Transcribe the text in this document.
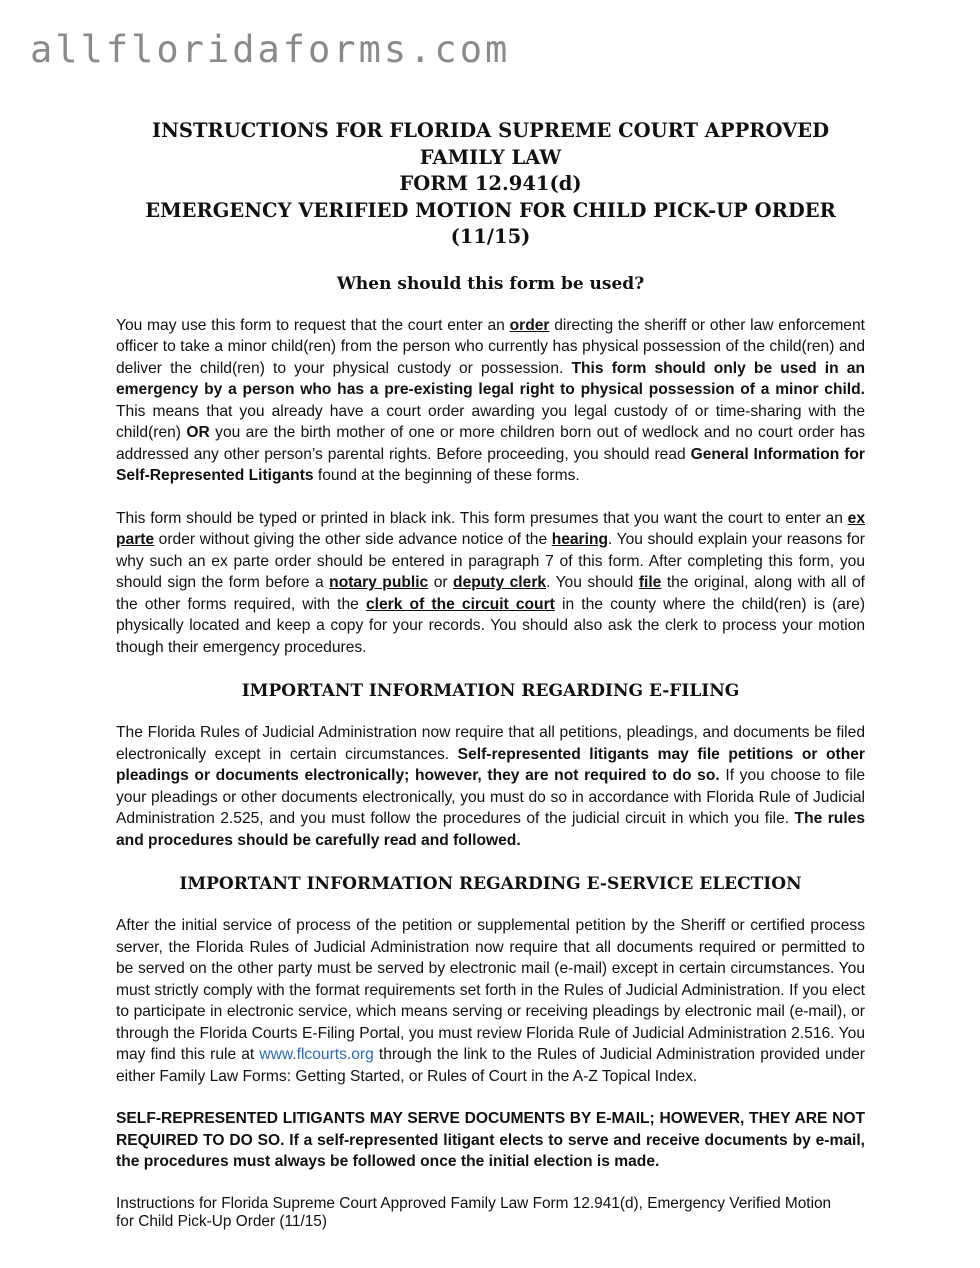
allfloridaforms.com
INSTRUCTIONS FOR FLORIDA SUPREME COURT APPROVED FAMILY LAW
FORM 12.941(d)
EMERGENCY VERIFIED MOTION FOR CHILD PICK-UP ORDER (11/15)
When should this form be used?

You may use this form to request that the court enter an order directing the sheriff or other law enforcement officer to take a minor child(ren) from the person who currently has physical possession of the child(ren) and deliver the child(ren) to your physical custody or possession. This form should only be used in an emergency by a person who has a pre-existing legal right to physical possession of a minor child. This means that you already have a court order awarding you legal custody of or time-sharing with the child(ren) OR you are the birth mother of one or more children born out of wedlock and no court order has addressed any other person’s parental rights. Before proceeding, you should read General Information for Self-Represented Litigants found at the beginning of these forms.

This form should be typed or printed in black ink. This form presumes that you want the court to enter an ex parte order without giving the other side advance notice of the hearing. You should explain your reasons for why such an ex parte order should be entered in paragraph 7 of this form. After completing this form, you should sign the form before a notary public or deputy clerk. You should file the original, along with all of the other forms required, with the clerk of the circuit court in the county where the child(ren) is (are) physically located and keep a copy for your records. You should also ask the clerk to process your motion though their emergency procedures.

IMPORTANT INFORMATION REGARDING E-FILING

The Florida Rules of Judicial Administration now require that all petitions, pleadings, and documents be filed electronically except in certain circumstances. Self-represented litigants may file petitions or other pleadings or documents electronically; however, they are not required to do so. If you choose to file your pleadings or other documents electronically, you must do so in accordance with Florida Rule of Judicial Administration 2.525, and you must follow the procedures of the judicial circuit in which you file. The rules and procedures should be carefully read and followed.

IMPORTANT INFORMATION REGARDING E-SERVICE ELECTION

After the initial service of process of the petition or supplemental petition by the Sheriff or certified process server, the Florida Rules of Judicial Administration now require that all documents required or permitted to be served on the other party must be served by electronic mail (e-mail) except in certain circumstances. You must strictly comply with the format requirements set forth in the Rules of Judicial Administration. If you elect to participate in electronic service, which means serving or receiving pleadings by electronic mail (e-mail), or through the Florida Courts E-Filing Portal, you must review Florida Rule of Judicial Administration 2.516. You may find this rule at www.flcourts.org through the link to the Rules of Judicial Administration provided under either Family Law Forms: Getting Started, or Rules of Court in the A-Z Topical Index.

SELF-REPRESENTED LITIGANTS MAY SERVE DOCUMENTS BY E-MAIL; HOWEVER, THEY ARE NOT REQUIRED TO DO SO. If a self-represented litigant elects to serve and receive documents by e-mail, the procedures must always be followed once the initial election is made.

Instructions for Florida Supreme Court Approved Family Law Form 12.941(d), Emergency Verified Motion
for Child Pick-Up Order (11/15)
